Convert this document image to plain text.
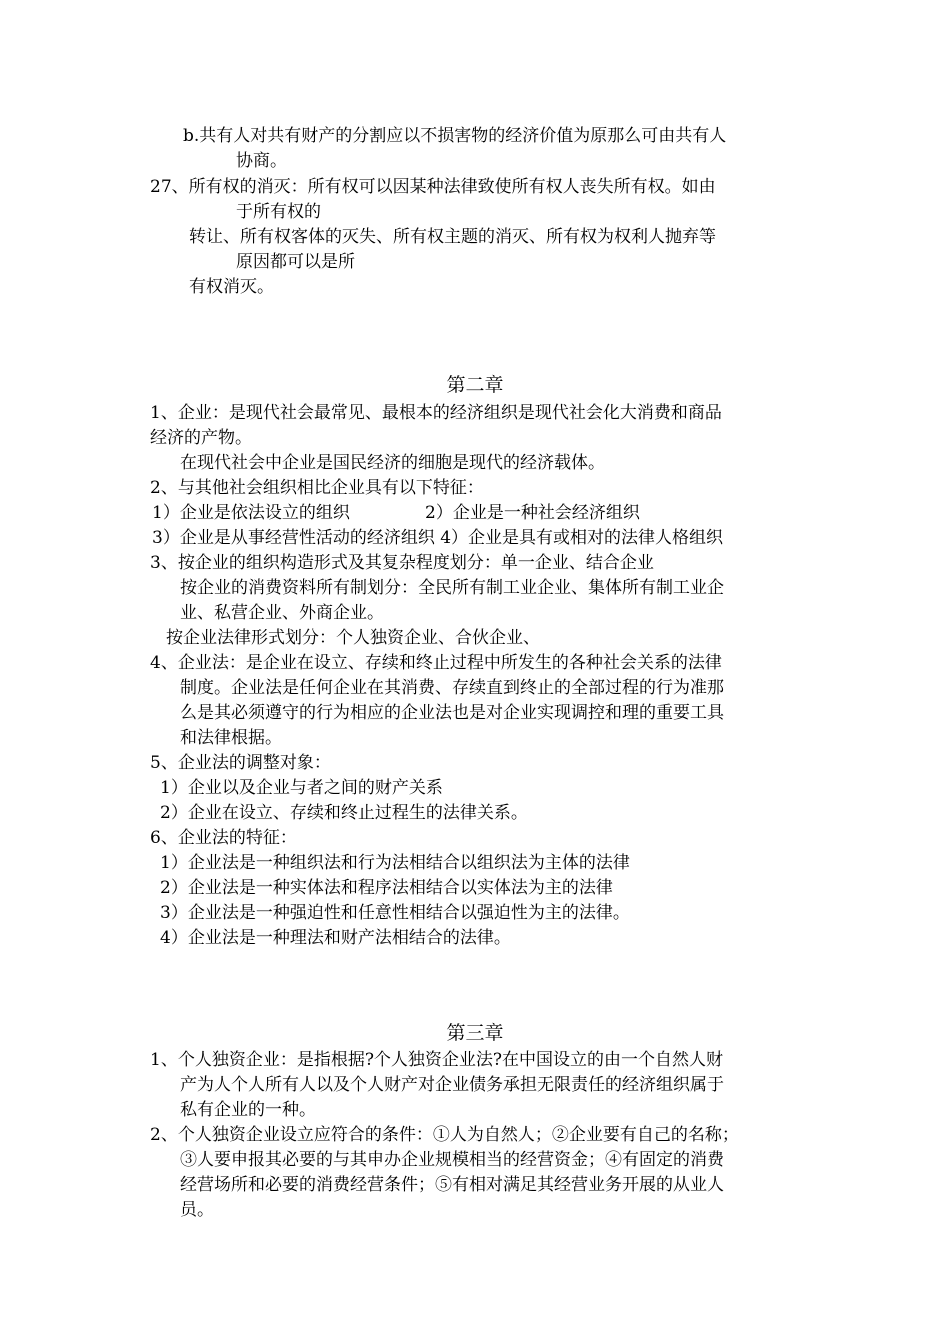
b.共有人对共有财产的分割应以不损害物的经济价值为原那么可由共有人
协商。
27、所有权的消灭：所有权可以因某种法律致使所有权人丧失所有权。如由
于所有权的
转让、所有权客体的灭失、所有权主题的消灭、所有权为权利人抛弃等
原因都可以是所
有权消灭。
第二章
1、企业：是现代社会最常见、最根本的经济组织是现代社会化大消费和商品
经济的产物。
在现代社会中企业是国民经济的细胞是现代的经济载体。
2、与其他社会组织相比企业具有以下特征：
1）企业是依法设立的组织	2）企业是一种社会经济组织
3）企业是从事经营性活动的经济组织 4）企业是具有或相对的法律人格组织
3、按企业的组织构造形式及其复杂程度划分：单一企业、结合企业
按企业的消费资料所有制划分：全民所有制工业企业、集体所有制工业企
业、私营企业、外商企业。
按企业法律形式划分：个人独资企业、合伙企业、
4、企业法：是企业在设立、存续和终止过程中所发生的各种社会关系的法律
制度。企业法是任何企业在其消费、存续直到终止的全部过程的行为准那
么是其必须遵守的行为相应的企业法也是对企业实现调控和理的重要工具
和法律根据。
5、企业法的调整对象：
1）企业以及企业与者之间的财产关系
2）企业在设立、存续和终止过程生的法律关系。
6、企业法的特征：
1）企业法是一种组织法和行为法相结合以组织法为主体的法律
2）企业法是一种实体法和程序法相结合以实体法为主的法律
3）企业法是一种强迫性和任意性相结合以强迫性为主的法律。
4）企业法是一种理法和财产法相结合的法律。
第三章
1、个人独资企业：是指根据?个人独资企业法?在中国设立的由一个自然人财
产为人个人所有人以及个人财产对企业债务承担无限责任的经济组织属于
私有企业的一种。
2、个人独资企业设立应符合的条件：①人为自然人；②企业要有自己的名称；
③人要申报其必要的与其申办企业规模相当的经营资金；④有固定的消费
经营场所和必要的消费经营条件；⑤有相对满足其经营业务开展的从业人
员。
